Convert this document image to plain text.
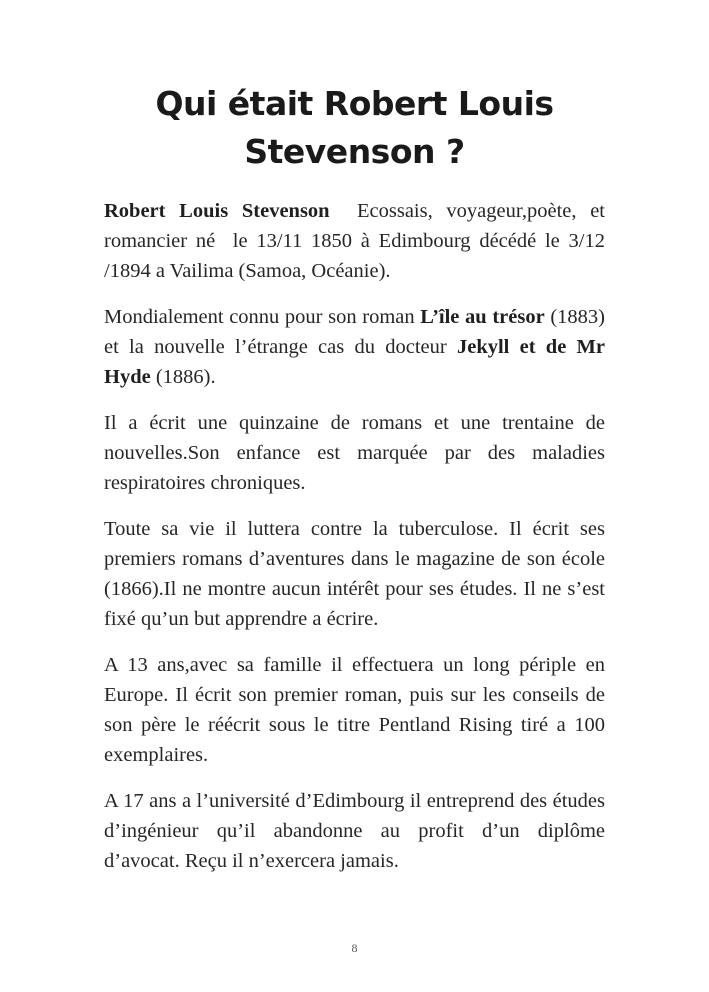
Qui était Robert Louis
Stevenson ?

Robert Louis Stevenson  Ecossais, voyageur,poète, et romancier né  le 13/11 1850 à Edimbourg décédé le 3/12 /1894 a Vailima (Samoa, Océanie).

Mondialement connu pour son roman L’île au trésor (1883) et la nouvelle l’étrange cas du docteur Jekyll et de Mr Hyde (1886).

Il a écrit une quinzaine de romans et une trentaine de nouvelles.Son enfance est marquée par des maladies respiratoires chroniques.

Toute sa vie il luttera contre la tuberculose. Il écrit ses premiers romans d’aventures dans le magazine de son école (1866).Il ne montre aucun intérêt pour ses études. Il ne s’est fixé qu’un but apprendre a écrire.

A 13 ans,avec sa famille il effectuera un long périple en Europe. Il écrit son premier roman, puis sur les conseils de son père le réécrit sous le titre Pentland Rising tiré a 100 exemplaires.

A 17 ans a l’université d’Edimbourg il entreprend des études d’ingénieur qu’il abandonne au profit d’un diplôme d’avocat. Reçu il n’exercera jamais.

8
